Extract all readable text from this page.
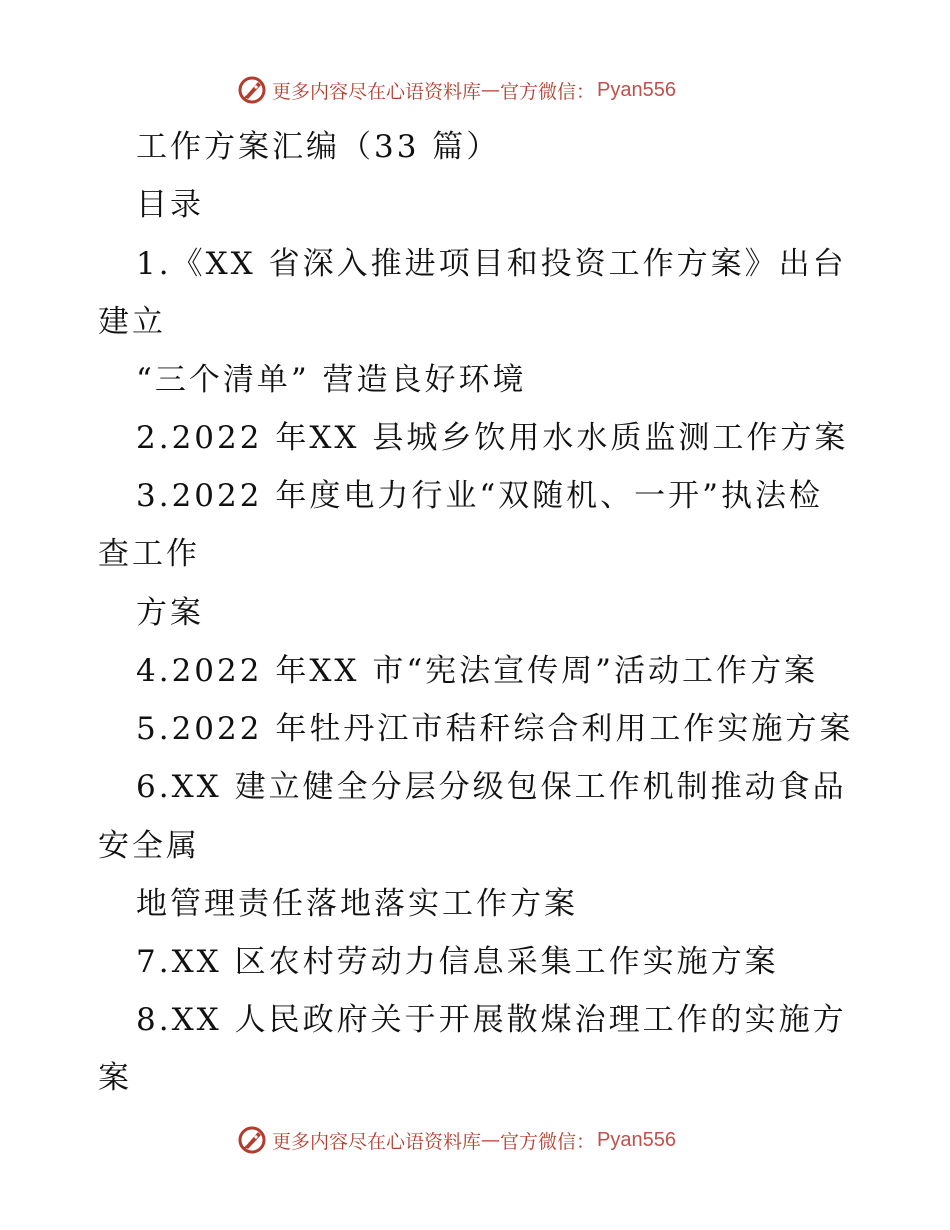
更多内容尽在心语资料库 — 官方微信： Pyan556
工作方案汇编（33 篇）
目录
1.《XX 省深入推进项目和投资工作方案》出台
建立
“三个清单” 营造良好环境
2.2022 年XX 县城乡饮用水水质监测工作方案
3.2022 年度电力行业“双随机、一开”执法检
查工作
方案
4.2022 年XX 市“宪法宣传周”活动工作方案
5.2022 年牡丹江市秸秆综合利用工作实施方案
6.XX 建立健全分层分级包保工作机制推动食品
安全属
地管理责任落地落实工作方案
7.XX 区农村劳动力信息采集工作实施方案
8.XX 人民政府关于开展散煤治理工作的实施方
案
更多内容尽在心语资料库 — 官方微信： Pyan556
